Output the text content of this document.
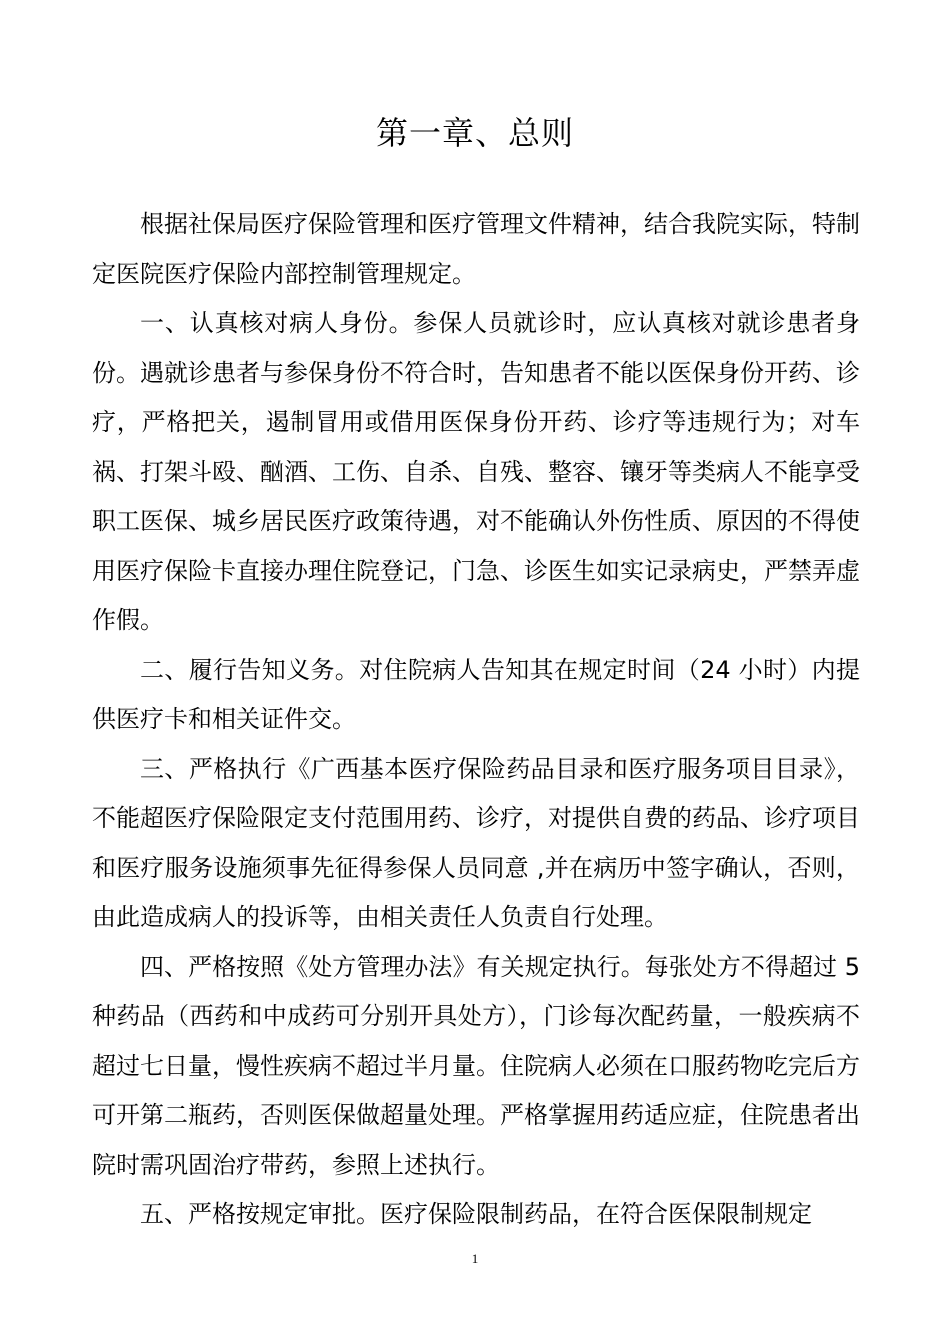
第一章、总则

根据社保局医疗保险管理和医疗管理文件精神，结合我院实际，特制定医院医疗保险内部控制管理规定。

一、认真核对病人身份。参保人员就诊时，应认真核对就诊患者身份。遇就诊患者与参保身份不符合时，告知患者不能以医保身份开药、诊疗，严格把关，遏制冒用或借用医保身份开药、诊疗等违规行为；对车祸、打架斗殴、酗酒、工伤、自杀、自残、整容、镶牙等类病人不能享受职工医保、城乡居民医疗政策待遇，对不能确认外伤性质、原因的不得使用医疗保险卡直接办理住院登记，门急、诊医生如实记录病史，严禁弄虚作假。

二、履行告知义务。对住院病人告知其在规定时间（24 小时）内提供医疗卡和相关证件交。

三、严格执行《广西基本医疗保险药品目录和医疗服务项目目录》，不能超医疗保险限定支付范围用药、诊疗，对提供自费的药品、诊疗项目和医疗服务设施须事先征得参保人员同意 ,并在病历中签字确认，否则，由此造成病人的投诉等，由相关责任人负责自行处理。

四、严格按照《处方管理办法》有关规定执行。每张处方不得超过 5 种药品（西药和中成药可分别开具处方），门诊每次配药量，一般疾病不超过七日量，慢性疾病不超过半月量。住院病人必须在口服药物吃完后方可开第二瓶药，否则医保做超量处理。严格掌握用药适应症，住院患者出院时需巩固治疗带药，参照上述执行。

五、严格按规定审批。医疗保险限制药品，在符合医保限制规定

1
